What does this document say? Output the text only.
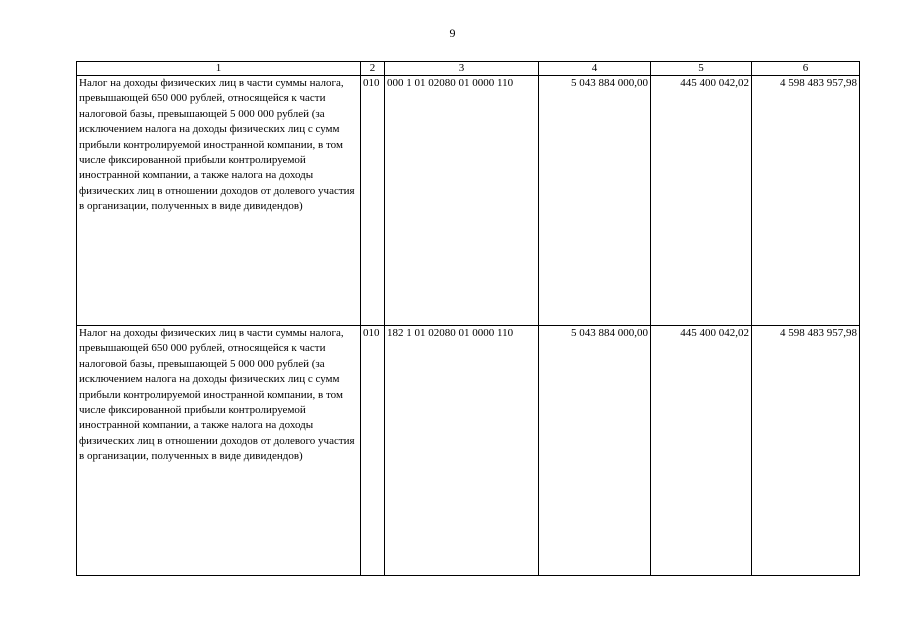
9
1	2	3	4	5	6
Налог на доходы физических лиц в части суммы налога, превышающей 650 000 рублей, относящейся к части налоговой базы, превышающей 5 000 000 рублей (за исключением налога на доходы физических лиц с сумм прибыли контролируемой иностранной компании, в том числе фиксированной прибыли контролируемой иностранной компании, а также налога на доходы физических лиц в отношении доходов от долевого участия в организации, полученных в виде дивидендов)	010	000 1 01 02080 01 0000 110	5 043 884 000,00	445 400 042,02	4 598 483 957,98
Налог на доходы физических лиц в части суммы налога, превышающей 650 000 рублей, относящейся к части налоговой базы, превышающей 5 000 000 рублей (за исключением налога на доходы физических лиц с сумм прибыли контролируемой иностранной компании, в том числе фиксированной прибыли контролируемой иностранной компании, а также налога на доходы физических лиц в отношении доходов от долевого участия в организации, полученных в виде дивидендов)	010	182 1 01 02080 01 0000 110	5 043 884 000,00	445 400 042,02	4 598 483 957,98
